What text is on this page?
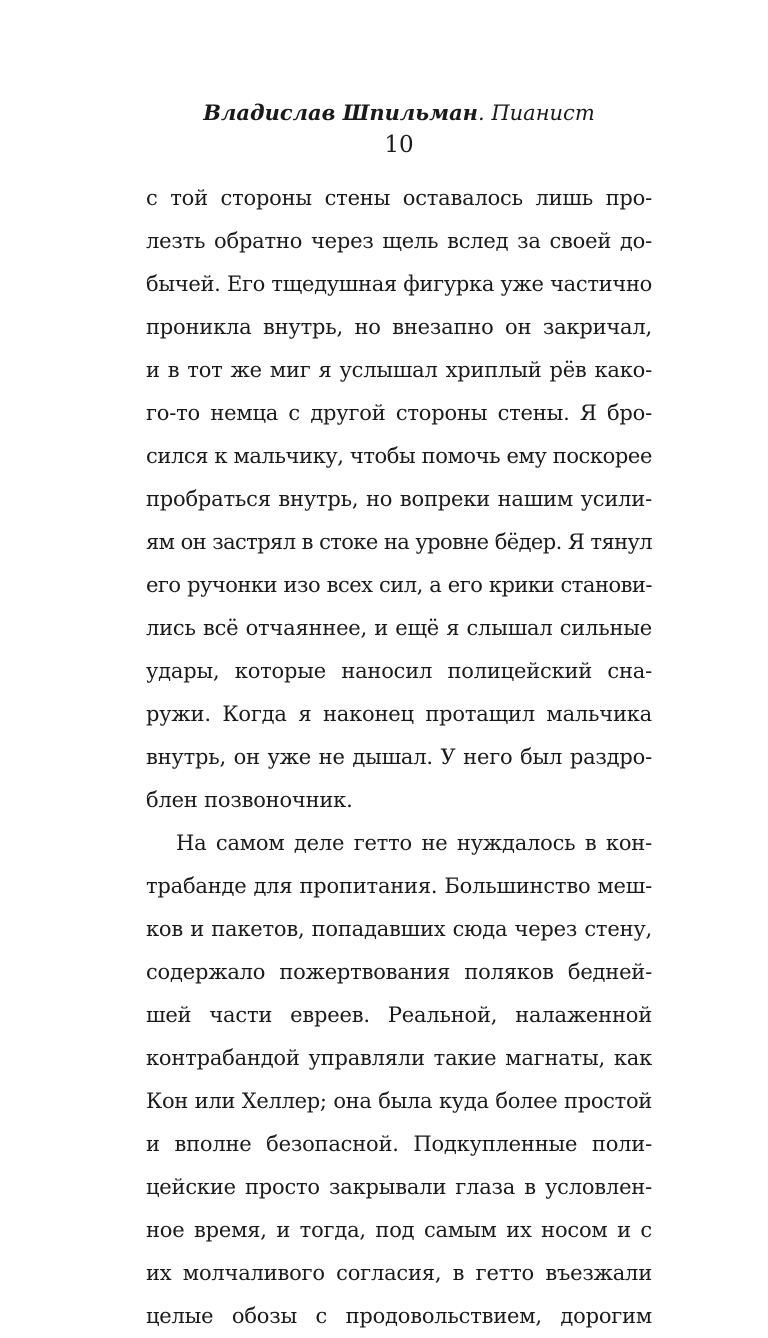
Владислав Шпильман. Пианист
10
с той стороны стены оставалось лишь про-
лезть обратно через щель вслед за своей до-
бычей. Его тщедушная фигурка уже частично
проникла внутрь, но внезапно он закричал,
и в тот же миг я услышал хриплый рёв како-
го-то немца с другой стороны стены. Я бро-
сился к мальчику, чтобы помочь ему поскорее
пробраться внутрь, но вопреки нашим усили-
ям он застрял в стоке на уровне бёдер. Я тянул
его ручонки изо всех сил, а его крики станови-
лись всё отчаяннее, и ещё я слышал сильные
удары, которые наносил полицейский сна-
ружи. Когда я наконец протащил мальчика
внутрь, он уже не дышал. У него был раздро-
блен позвоночник.
На самом деле гетто не нуждалось в кон-
трабанде для пропитания. Большинство меш-
ков и пакетов, попадавших сюда через стену,
содержало пожертвования поляков бедней-
шей части евреев. Реальной, налаженной
контрабандой управляли такие магнаты, как
Кон или Хеллер; она была куда более простой
и вполне безопасной. Подкупленные поли-
цейские просто закрывали глаза в условлен-
ное время, и тогда, под самым их носом и с
их молчаливого согласия, в гетто въезжали
целые обозы с продовольствием, дорогим
